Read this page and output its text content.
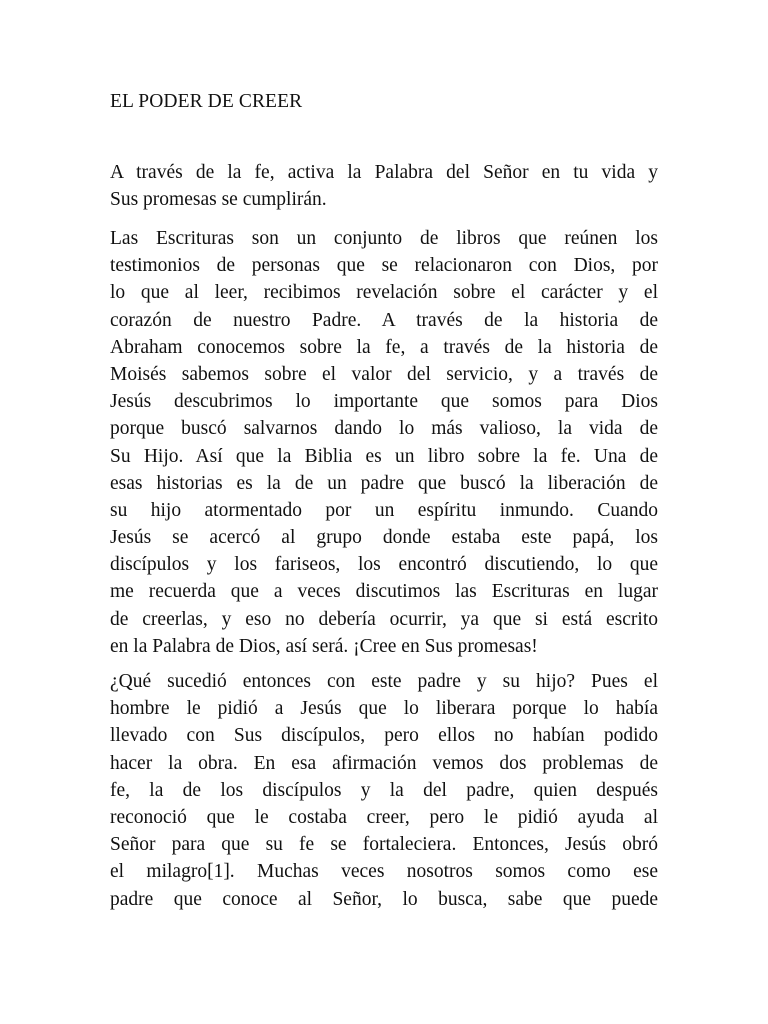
EL PODER DE CREER
A través de la fe, activa la Palabra del Señor en tu vida y
Sus promesas se cumplirán.
Las Escrituras son un conjunto de libros que reúnen los
testimonios de personas que se relacionaron con Dios, por
lo que al leer, recibimos revelación sobre el carácter y el
corazón de nuestro Padre. A través de la historia de
Abraham conocemos sobre la fe, a través de la historia de
Moisés sabemos sobre el valor del servicio, y a través de
Jesús descubrimos lo importante que somos para Dios
porque buscó salvarnos dando lo más valioso, la vida de
Su Hijo. Así que la Biblia es un libro sobre la fe. Una de
esas historias es la de un padre que buscó la liberación de
su hijo atormentado por un espíritu inmundo. Cuando
Jesús se acercó al grupo donde estaba este papá, los
discípulos y los fariseos, los encontró discutiendo, lo que
me recuerda que a veces discutimos las Escrituras en lugar
de creerlas, y eso no debería ocurrir, ya que si está escrito
en la Palabra de Dios, así será. ¡Cree en Sus promesas!
¿Qué sucedió entonces con este padre y su hijo? Pues el
hombre le pidió a Jesús que lo liberara porque lo había
llevado con Sus discípulos, pero ellos no habían podido
hacer la obra. En esa afirmación vemos dos problemas de
fe, la de los discípulos y la del padre, quien después
reconoció que le costaba creer, pero le pidió ayuda al
Señor para que su fe se fortaleciera. Entonces, Jesús obró
el milagro[1]. Muchas veces nosotros somos como ese
padre que conoce al Señor, lo busca, sabe que puede
